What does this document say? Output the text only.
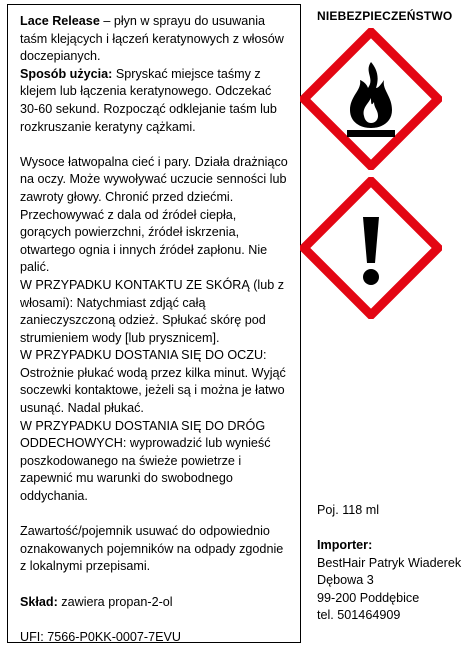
Lace Release – płyn w sprayu do usuwania taśm klejących i łączeń keratynowych z włosów doczepianych.

Sposób użycia: Spryskać miejsce taśmy z klejem lub łączenia keratynowego. Odczekać 30-60 sekund. Rozpocząć odklejanie taśm lub rozkruszanie keratyny cążkami.

Wysoce łatwopalna cieć i pary. Działa drażniąco na oczy. Może wywoływać uczucie senności lub zawroty głowy. Chronić przed dziećmi. Przechowywać z dala od źródeł ciepła, gorących powierzchni, źródeł iskrzenia, otwartego ognia i innych źródeł zapłonu. Nie palić.

W PRZYPADKU KONTAKTU ZE SKÓRĄ (lub z włosami): Natychmiast zdjąć całą zanieczyszczoną odzież. Spłukać skórę pod strumieniem wody [lub prysznicem].

W PRZYPADKU DOSTANIA SIĘ DO OCZU: Ostrożnie płukać wodą przez kilka minut. Wyjąć soczewki kontaktowe, jeżeli są i można je łatwo usunąć. Nadal płukać.

W PRZYPADKU DOSTANIA SIĘ DO DRÓG ODDECHOWYCH: wyprowadzić lub wynieść poszkodowanego na świeże powietrze i zapewnić mu warunki do swobodnego oddychania.

Zawartość/pojemnik usuwać do odpowiednio oznakowanych pojemników na odpady zgodnie z lokalnymi przepisami.

Skład: zawiera propan-2-ol

UFI: 7566-P0KK-0007-7EVU

NIEBEZPIECZEŃSTWO
Poj. 118 ml
Importer:
BestHair Patryk Wiaderek
Dębowa 3
99-200 Poddębice
tel. 501464909
